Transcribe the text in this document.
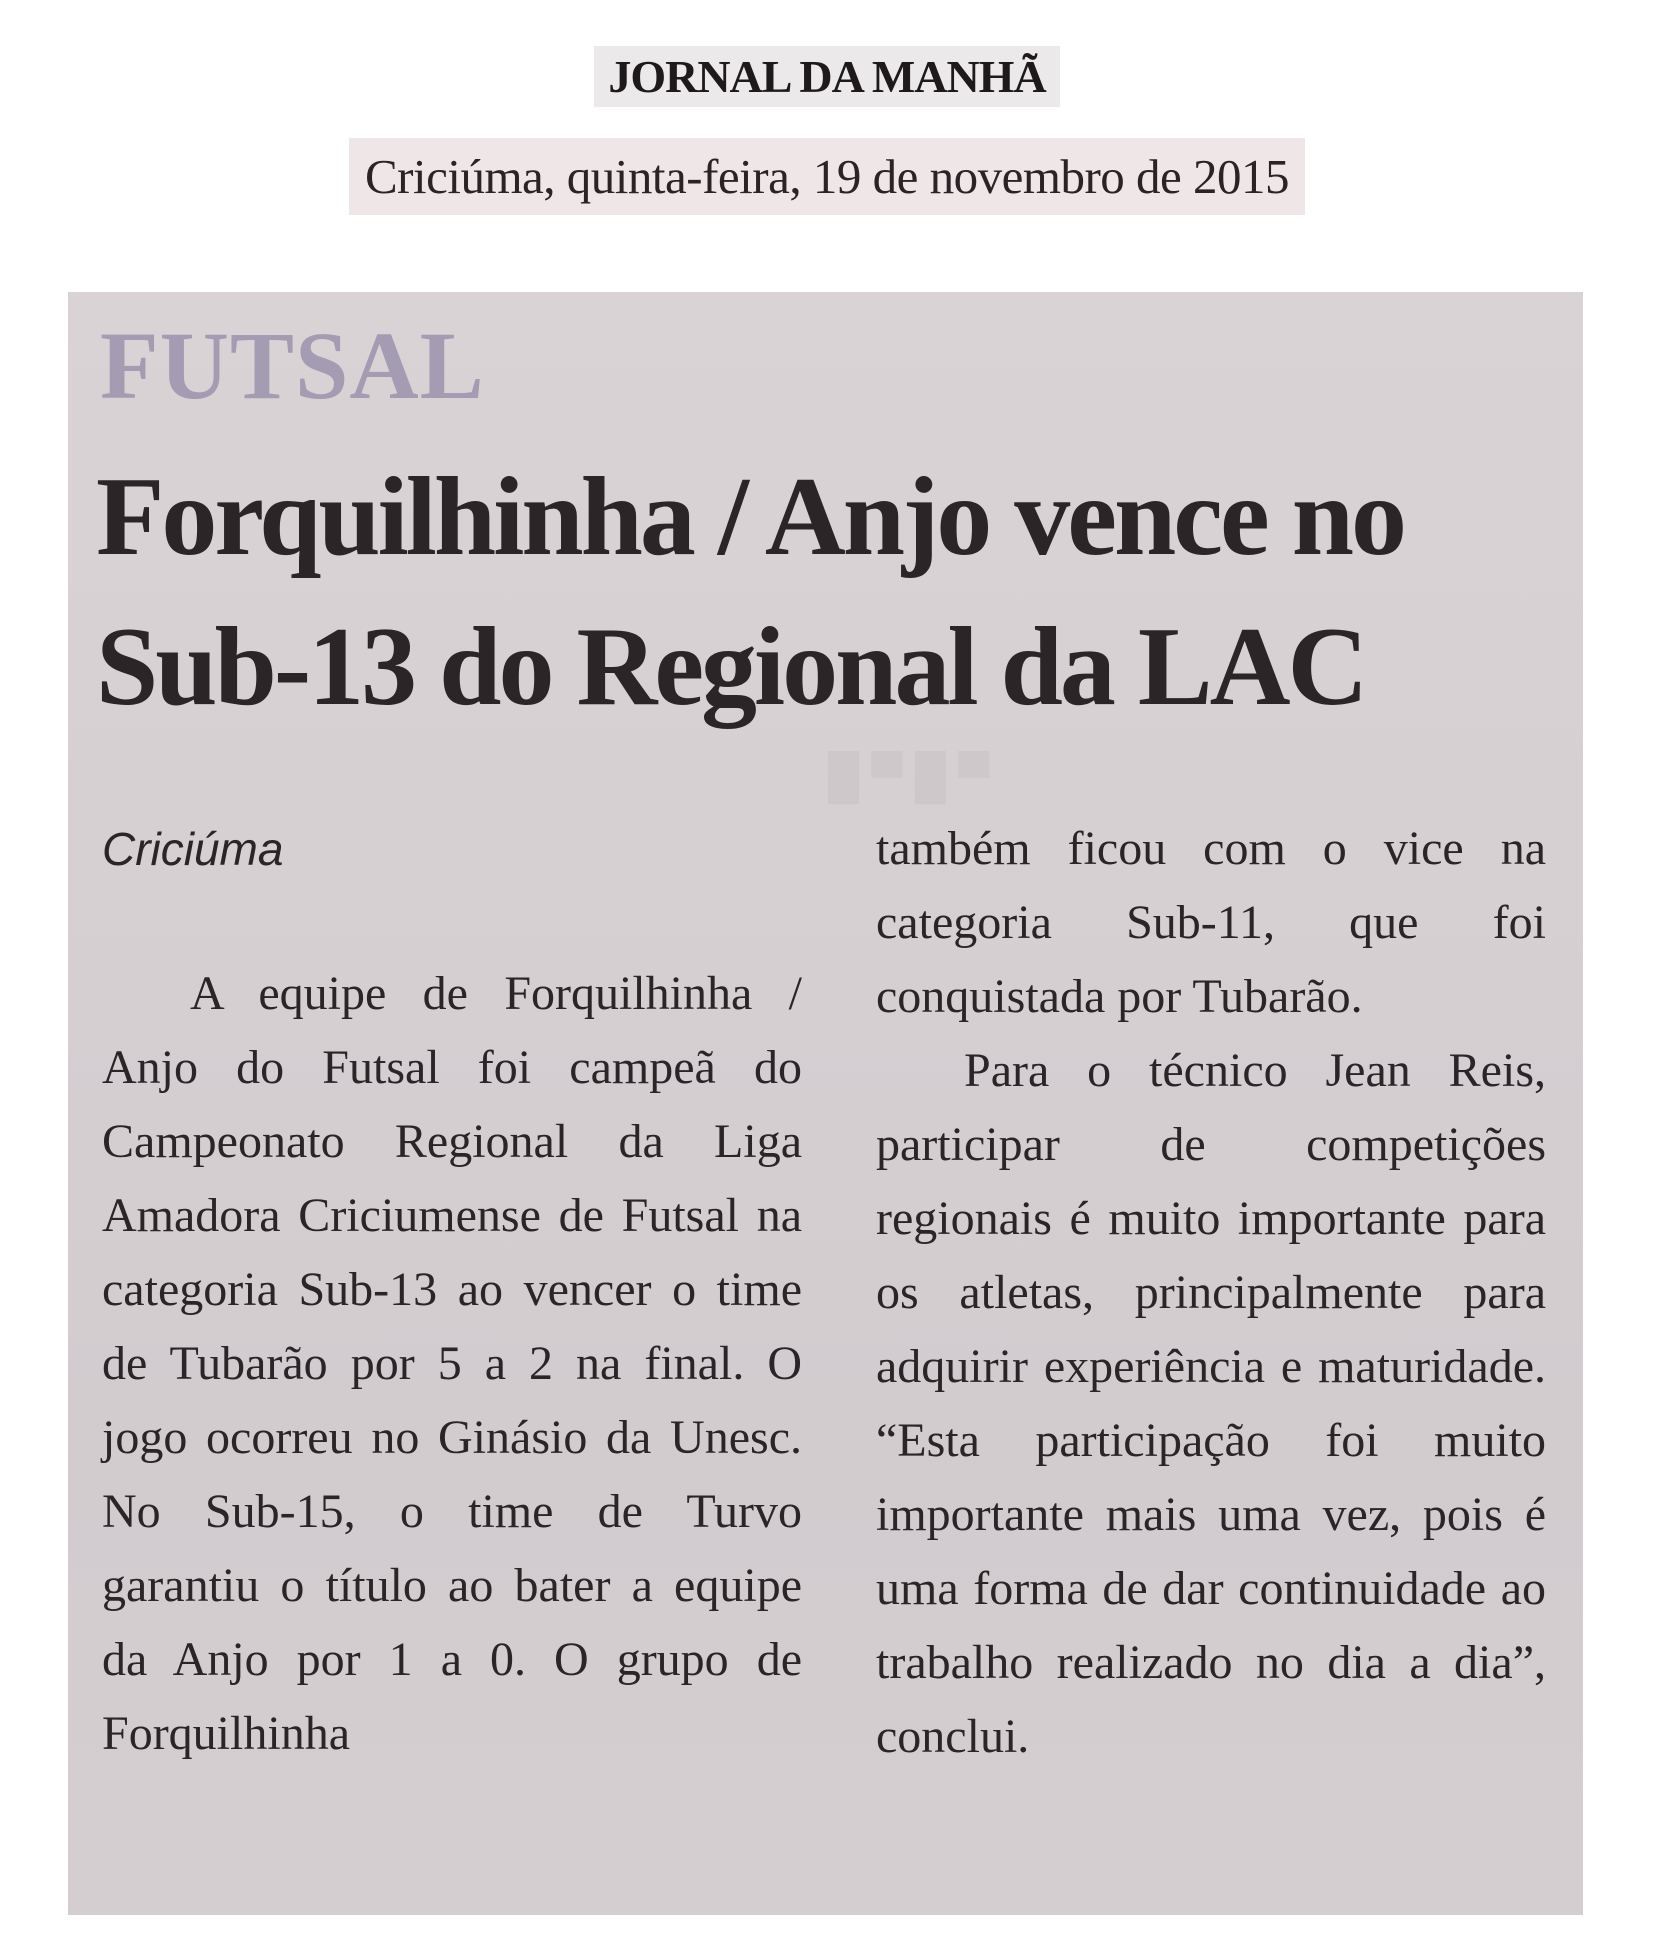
JORNAL DA MANHÃ
Criciúma, quinta-feira, 19 de novembro de 2015
█ ▀ █ ▀
FUTSAL
Forquilhinha / Anjo vence no
Sub-13 do Regional da LAC
Criciúma

A equipe de Forquilhinha / Anjo do Futsal foi campeã do Campeonato Regional da Liga Amadora Criciumense de Futsal na categoria Sub-13 ao vencer o time de Tubarão por 5 a 2 na final. O jogo ocorreu no Ginásio da Unesc. No Sub-15, o time de Turvo garantiu o título ao bater a equipe da Anjo por 1 a 0. O grupo de Forquilhinha

também ficou com o vice na categoria Sub-11, que foi conquistada por Tubarão.

Para o técnico Jean Reis, participar de competições regionais é muito importante para os atletas, principalmente para adquirir experiência e maturidade. “Esta participação foi muito importante mais uma vez, pois é uma forma de dar continuidade ao trabalho realizado no dia a dia”, conclui.
